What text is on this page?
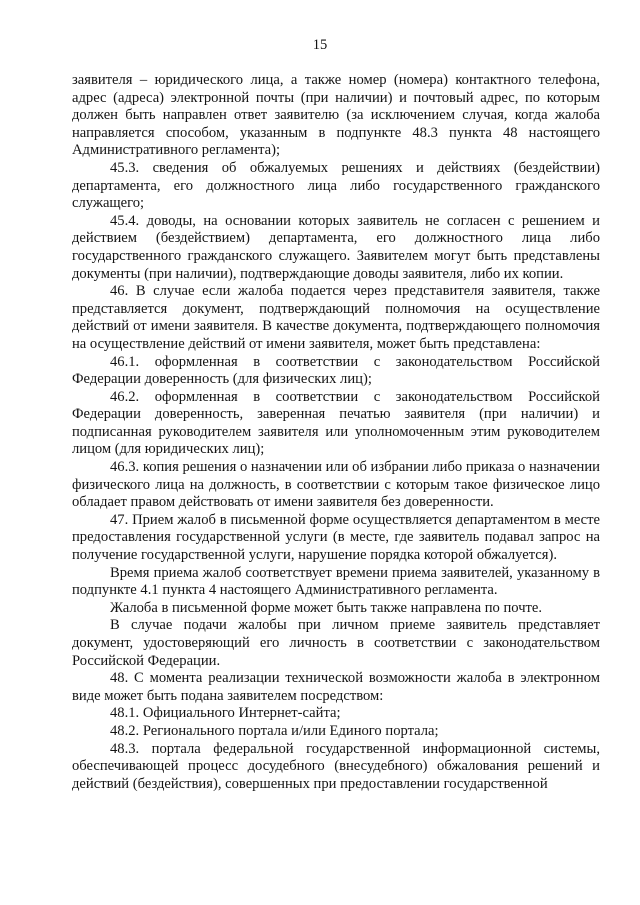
15

заявителя – юридического лица, а также номер (номера) контактного телефона, адрес (адреса) электронной почты (при наличии) и почтовый адрес, по которым должен быть направлен ответ заявителю (за исключением случая, когда жалоба направляется способом, указанным в подпункте 48.3 пункта 48 настоящего Административного регламента);

45.3. сведения об обжалуемых решениях и действиях (бездействии) департамента, его должностного лица либо государственного гражданского служащего;

45.4. доводы, на основании которых заявитель не согласен с решением и действием (бездействием) департамента, его должностного лица либо государственного гражданского служащего. Заявителем могут быть представлены документы (при наличии), подтверждающие доводы заявителя, либо их копии.

46. В случае если жалоба подается через представителя заявителя, также представляется документ, подтверждающий полномочия на осуществление действий от имени заявителя. В качестве документа, подтверждающего полномочия на осуществление действий от имени заявителя, может быть представлена:

46.1. оформленная в соответствии с законодательством Российской Федерации доверенность (для физических лиц);

46.2. оформленная в соответствии с законодательством Российской Федерации доверенность, заверенная печатью заявителя (при наличии) и подписанная руководителем заявителя или уполномоченным этим руководителем лицом (для юридических лиц);

46.3. копия решения о назначении или об избрании либо приказа о назначении физического лица на должность, в соответствии с которым такое физическое лицо обладает правом действовать от имени заявителя без доверенности.

47. Прием жалоб в письменной форме осуществляется департаментом в месте предоставления государственной услуги (в месте, где заявитель подавал запрос на получение государственной услуги, нарушение порядка которой обжалуется).

Время приема жалоб соответствует времени приема заявителей, указанному в подпункте 4.1 пункта 4 настоящего Административного регламента.

Жалоба в письменной форме может быть также направлена по почте.

В случае подачи жалобы при личном приеме заявитель представляет документ, удостоверяющий его личность в соответствии с законодательством Российской Федерации.

48. С момента реализации технической возможности жалоба в электронном виде может быть подана заявителем посредством:

48.1. Официального Интернет-сайта;

48.2. Регионального портала и/или Единого портала;

48.3. портала федеральной государственной информационной системы, обеспечивающей процесс досудебного (внесудебного) обжалования решений и действий (бездействия), совершенных при предоставлении государственной
